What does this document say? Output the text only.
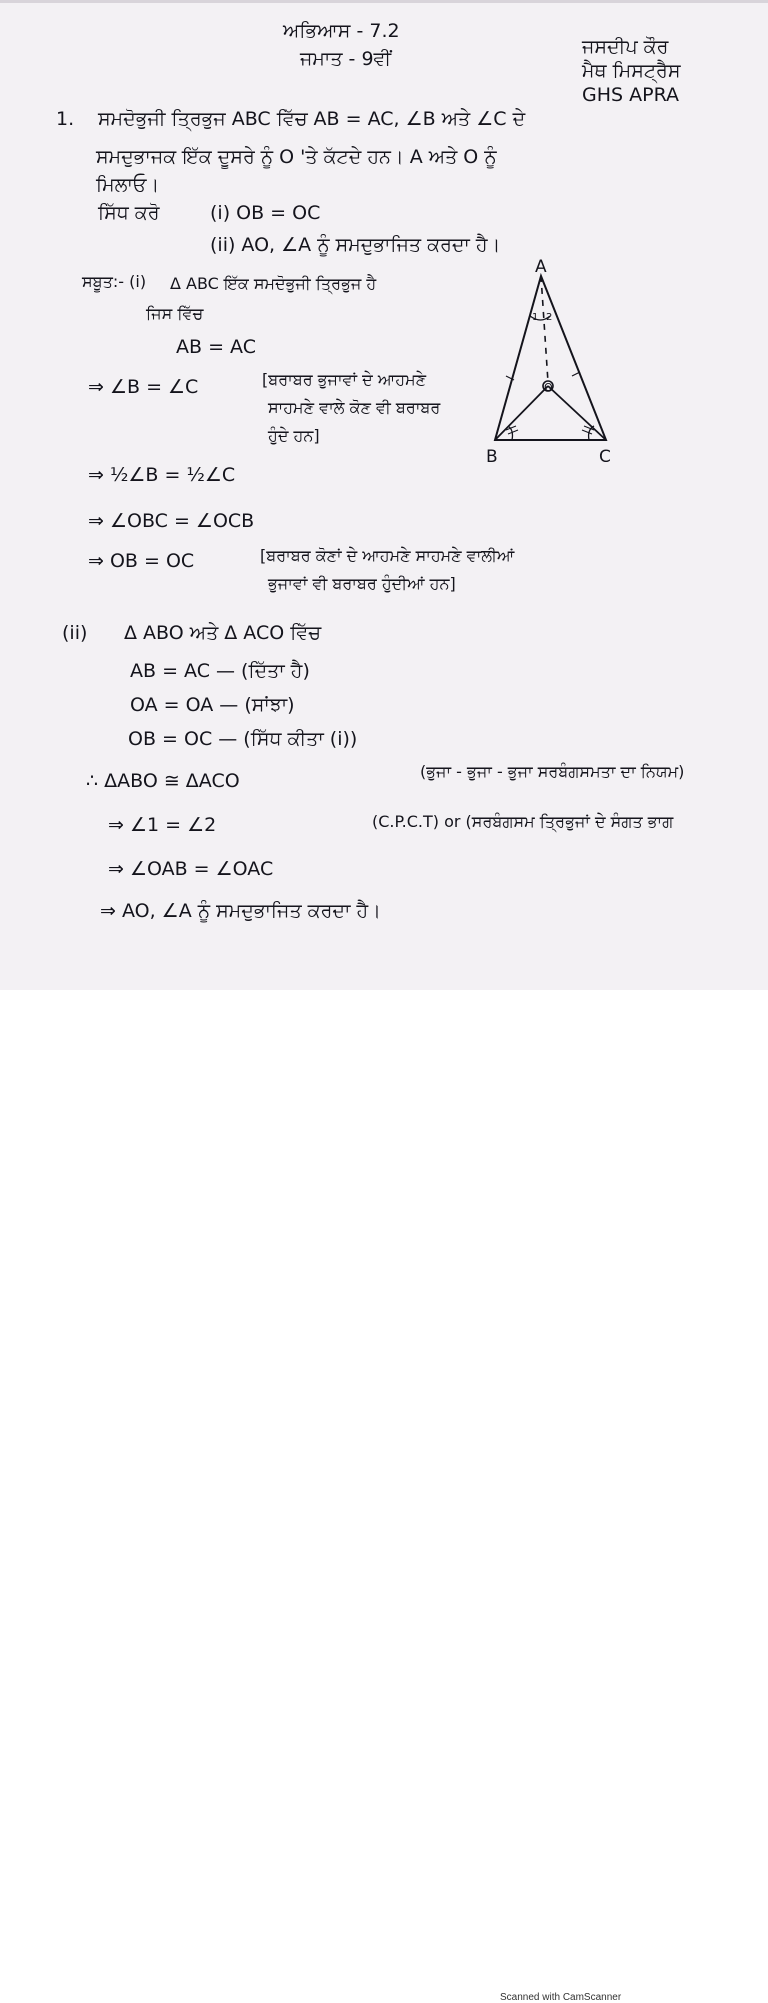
ਅਭਿਆਸ - 7.2
ਜਮਾਤ - 9ਵੀਂ
ਜਸਦੀਪ ਕੌਰ
ਮੈਥ ਮਿਸਟ੍ਰੈਸ
GHS APRA
1. ਸਮਦੋਭੁਜੀ ਤ੍ਰਿਭੁਜ ABC ਵਿੱਚ AB = AC, ∠B ਅਤੇ ∠C ਦੇ
ਸਮਦੁਭਾਜਕ ਇੱਕ ਦੂਸਰੇ ਨੂੰ O 'ਤੇ ਕੱਟਦੇ ਹਨ। A ਅਤੇ O ਨੂੰ
ਮਿਲਾਓ।
ਸਿੱਧ ਕਰੋ	(i) OB = OC
(ii) AO, ∠A ਨੂੰ ਸਮਦੁਭਾਜਿਤ ਕਰਦਾ ਹੈ।
A
B	C
O
1 2
ਸਬੂਤ:- (i) Δ ABC ਇੱਕ ਸਮਦੋਭੁਜੀ ਤ੍ਰਿਭੁਜ ਹੈ
ਜਿਸ ਵਿੱਚ
AB = AC
⇒ ∠B = ∠C	[ਬਰਾਬਰ ਭੁਜਾਵਾਂ ਦੇ ਆਹਮਣੇ
ਸਾਹਮਣੇ ਵਾਲੇ ਕੋਣ ਵੀ ਬਰਾਬਰ
ਹੁੰਦੇ ਹਨ]
⇒ ½∠B = ½∠C
⇒ ∠OBC = ∠OCB
⇒ OB = OC	[ਬਰਾਬਰ ਕੋਣਾਂ ਦੇ ਆਹਮਣੇ ਸਾਹਮਣੇ ਵਾਲੀਆਂ
ਭੁਜਾਵਾਂ ਵੀ ਬਰਾਬਰ ਹੁੰਦੀਆਂ ਹਨ]
(ii) Δ ABO ਅਤੇ Δ ACO ਵਿੱਚ
AB = AC — (ਦਿੱਤਾ ਹੈ)
OA = OA — (ਸਾਂਝਾ)
OB = OC — (ਸਿੱਧ ਕੀਤਾ (i))
∴ ΔABO ≅ ΔACO	(ਭੁਜਾ - ਭੁਜਾ - ਭੁਜਾ ਸਰਬੰਗਸਮਤਾ ਦਾ ਨਿਯਮ)
⇒ ∠1 = ∠2	(C.P.C.T) or (ਸਰਬੰਗਸਮ ਤ੍ਰਿਭੁਜਾਂ ਦੇ ਸੰਗਤ ਭਾਗ
⇒ ∠OAB = ∠OAC
⇒ AO, ∠A ਨੂੰ ਸਮਦੁਭਾਜਿਤ ਕਰਦਾ ਹੈ।
Scanned with CamScanner
